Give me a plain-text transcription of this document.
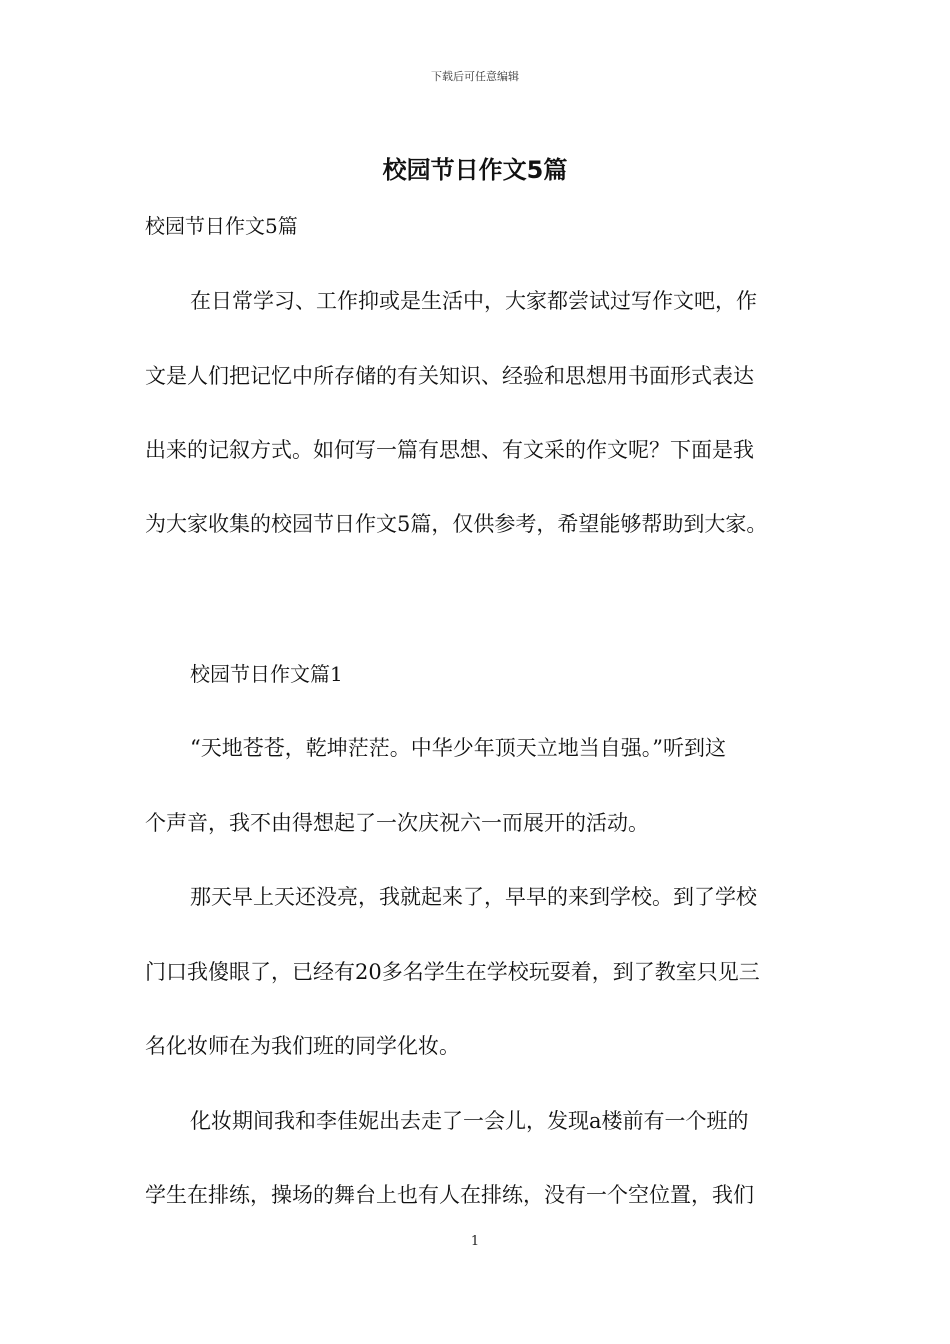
下载后可任意编辑
校园节日作文5篇
校园节日作文5篇
在日常学习、工作抑或是生活中，大家都尝试过写作文吧，作
文是人们把记忆中所存储的有关知识、经验和思想用书面形式表达
出来的记叙方式。如何写一篇有思想、有文采的作文呢？下面是我
为大家收集的校园节日作文5篇，仅供参考，希望能够帮助到大家。
校园节日作文篇1
“天地苍苍，乾坤茫茫。中华少年顶天立地当自强。”听到这
个声音，我不由得想起了一次庆祝六一而展开的活动。
那天早上天还没亮，我就起来了，早早的来到学校。到了学校
门口我傻眼了，已经有20多名学生在学校玩耍着，到了教室只见三
名化妆师在为我们班的同学化妆。
化妆期间我和李佳妮出去走了一会儿，发现a楼前有一个班的
学生在排练，操场的舞台上也有人在排练，没有一个空位置，我们
1
